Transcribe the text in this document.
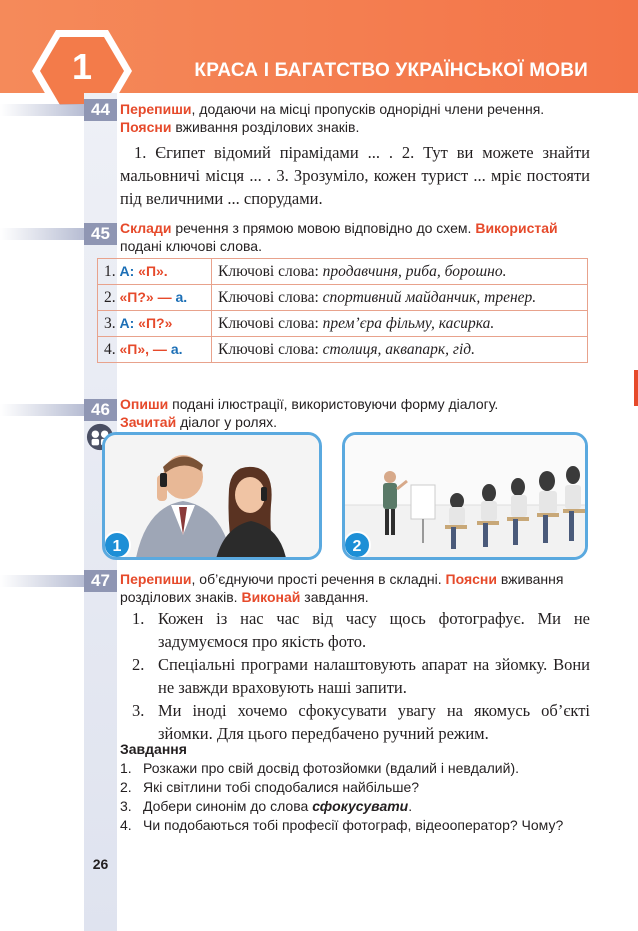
1	КРАСА І БАГАТСТВО УКРАЇНСЬКОЇ МОВИ
44 Перепиши, додаючи на місці пропусків однорідні члени речення. Поясни вживання розділових знаків.
1. Єгипет відомий пірамідами ... . 2. Тут ви можете знайти мальовничі місця ... . 3. Зрозуміло, кожен турист ... мріє постояти під величними ... спорудами.
45 Склади речення з прямою мовою відповідно до схем. Використай подані ключові слова.
1. А: «П».	Ключові слова: продавчиня, риба, борошно.
2. «П?» — а.	Ключові слова: спортивний майданчик, тренер.
3. А: «П?»	Ключові слова: прем’єра фільму, касирка.
4. «П», — а.	Ключові слова: столиця, аквапарк, гід.
46 Опиши подані ілюстрації, використовуючи форму діалогу.
Зачитай діалог у ролях.
1	2
47 Перепиши, об’єднуючи прості речення в складні. Поясни вживання розділових знаків. Виконай завдання.
1. Кожен із нас час від часу щось фотографує. Ми не задумуємося про якість фото.
2. Спеціальні програми налаштовують апарат на зйомку. Вони не завжди враховують наші запити.
3. Ми іноді хочемо сфокусувати увагу на якомусь об’єкті зйомки. Для цього передбачено ручний режим.
Завдання
1. Розкажи про свій досвід фотозйомки (вдалий і невдалий).
2. Які світлини тобі сподобалися найбільше?
3. Добери синонім до слова сфокусувати.
4. Чи подобаються тобі професії фотограф, відеооператор? Чому?
26
